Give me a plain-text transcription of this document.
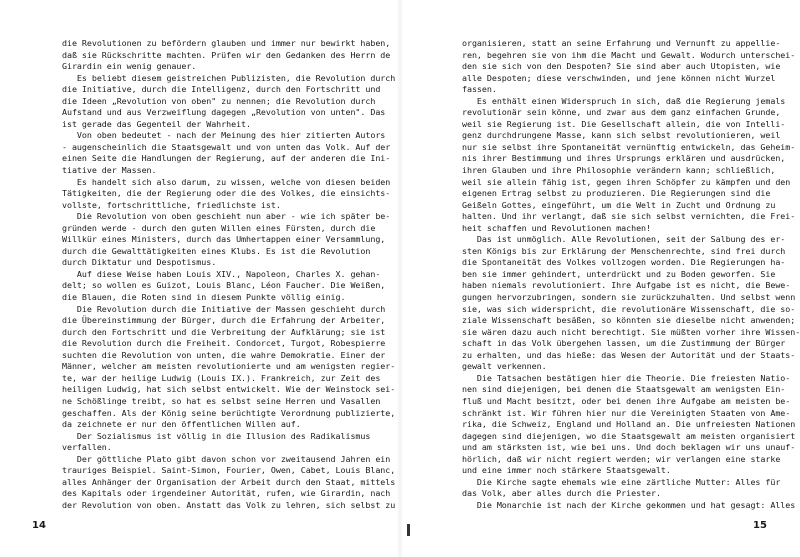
die Revolutionen zu befördern glauben und immer nur bewirkt haben,
daß sie Rückschritte machten. Prüfen wir den Gedanken des Herrn de
Girardin ein wenig genauer.
Es beliebt diesem geistreichen Publizisten, die Revolution durch
die Initiative, durch die Intelligenz, durch den Fortschritt und
die Ideen „Revolution von oben" zu nennen; die Revolution durch
Aufstand und aus Verzweiflung dagegen „Revolution von unten". Das
ist gerade das Gegenteil der Wahrheit.
Von oben bedeutet - nach der Meinung des hier zitierten Autors
- augenscheinlich die Staatsgewalt und von unten das Volk. Auf der
einen Seite die Handlungen der Regierung, auf der anderen die Ini-
tiative der Massen.
Es handelt sich also darum, zu wissen, welche von diesen beiden
Tätigkeiten, die der Regierung oder die des Volkes, die einsichts-
vollste, fortschrittliche, friedlichste ist.
Die Revolution von oben geschieht nun aber - wie ich später be-
gründen werde - durch den guten Willen eines Fürsten, durch die
Willkür eines Ministers, durch das Umhertappen einer Versammlung,
durch die Gewalttätigkeiten eines Klubs. Es ist die Revolution
durch Diktatur und Despotismus.
Auf diese Weise haben Louis XIV., Napoleon, Charles X. gehan-
delt; so wollen es Guizot, Louis Blanc, Léon Faucher. Die Weißen,
die Blauen, die Roten sind in diesem Punkte völlig einig.
Die Revolution durch die Initiative der Massen geschieht durch
die Übereinstimmung der Bürger, durch die Erfahrung der Arbeiter,
durch den Fortschritt und die Verbreitung der Aufklärung; sie ist
die Revolution durch die Freiheit. Condorcet, Turgot, Robespierre
suchten die Revolution von unten, die wahre Demokratie. Einer der
Männer, welcher am meisten revolutionierte und am wenigsten regier-
te, war der heilige Ludwig (Louis IX.). Frankreich, zur Zeit des
heiligen Ludwig, hat sich selbst entwickelt. Wie der Weinstock sei-
ne Schößlinge treibt, so hat es selbst seine Herren und Vasallen
geschaffen. Als der König seine berüchtigte Verordnung publizierte,
da zeichnete er nur den öffentlichen Willen auf.
Der Sozialismus ist völlig in die Illusion des Radikalismus
verfallen.
Der göttliche Plato gibt davon schon vor zweitausend Jahren ein
trauriges Beispiel. Saint-Simon, Fourier, Owen, Cabet, Louis Blanc,
alles Anhänger der Organisation der Arbeit durch den Staat, mittels
des Kapitals oder irgendeiner Autorität, rufen, wie Girardin, nach
der Revolution von oben. Anstatt das Volk zu lehren, sich selbst zu
14
organisieren, statt an seine Erfahrung und Vernunft zu appellie-
ren, begehren sie von ihm die Macht und Gewalt. Wodurch unterschei-
den sie sich von den Despoten? Sie sind aber auch Utopisten, wie
alle Despoten; diese verschwinden, und jene können nicht Wurzel
fassen.
Es enthält einen Widerspruch in sich, daß die Regierung jemals
revolutionär sein könne, und zwar aus dem ganz einfachen Grunde,
weil sie Regierung ist. Die Gesellschaft allein, die von Intelli-
genz durchdrungene Masse, kann sich selbst revolutionieren, weil
nur sie selbst ihre Spontaneität vernünftig entwickeln, das Geheim-
nis ihrer Bestimmung und ihres Ursprungs erklären und ausdrücken,
ihren Glauben und ihre Philosophie verändern kann; schließlich,
weil sie allein fähig ist, gegen ihren Schöpfer zu kämpfen und den
eigenen Ertrag selbst zu produzieren. Die Regierungen sind die
Geißeln Gottes, eingeführt, um die Welt in Zucht und Ordnung zu
halten. Und ihr verlangt, daß sie sich selbst vernichten, die Frei-
heit schaffen und Revolutionen machen!
Das ist unmöglich. Alle Revolutionen, seit der Salbung des er-
sten Königs bis zur Erklärung der Menschenrechte, sind frei durch
die Spontaneität des Volkes vollzogen worden. Die Regierungen ha-
ben sie immer gehindert, unterdrückt und zu Boden geworfen. Sie
haben niemals revolutioniert. Ihre Aufgabe ist es nicht, die Bewe-
gungen hervorzubringen, sondern sie zurückzuhalten. Und selbst wenn
sie, was sich widerspricht, die revolutionäre Wissenschaft, die so-
ziale Wissenschaft besäßen, so könnten sie dieselbe nicht anwenden;
sie wären dazu auch nicht berechtigt. Sie müßten vorher ihre Wissen-
schaft in das Volk übergehen lassen, um die Zustimmung der Bürger
zu erhalten, und das hieße: das Wesen der Autorität und der Staats-
gewalt verkennen.
Die Tatsachen bestätigen hier die Theorie. Die freiesten Natio-
nen sind diejenigen, bei denen die Staatsgewalt am wenigsten Ein-
fluß und Macht besitzt, oder bei denen ihre Aufgabe am meisten be-
schränkt ist. Wir führen hier nur die Vereinigten Staaten von Ame-
rika, die Schweiz, England und Holland an. Die unfreiesten Nationen
dagegen sind diejenigen, wo die Staatsgewalt am meisten organisiert
und am stärksten ist, wie bei uns. Und doch beklagen wir uns unauf-
hörlich, daß wir nicht regiert werden; wir verlangen eine starke
und eine immer noch stärkere Staatsgewalt.
Die Kirche sagte ehemals wie eine zärtliche Mutter: Alles für
das Volk, aber alles durch die Priester.
Die Monarchie ist nach der Kirche gekommen und hat gesagt: Alles
15
